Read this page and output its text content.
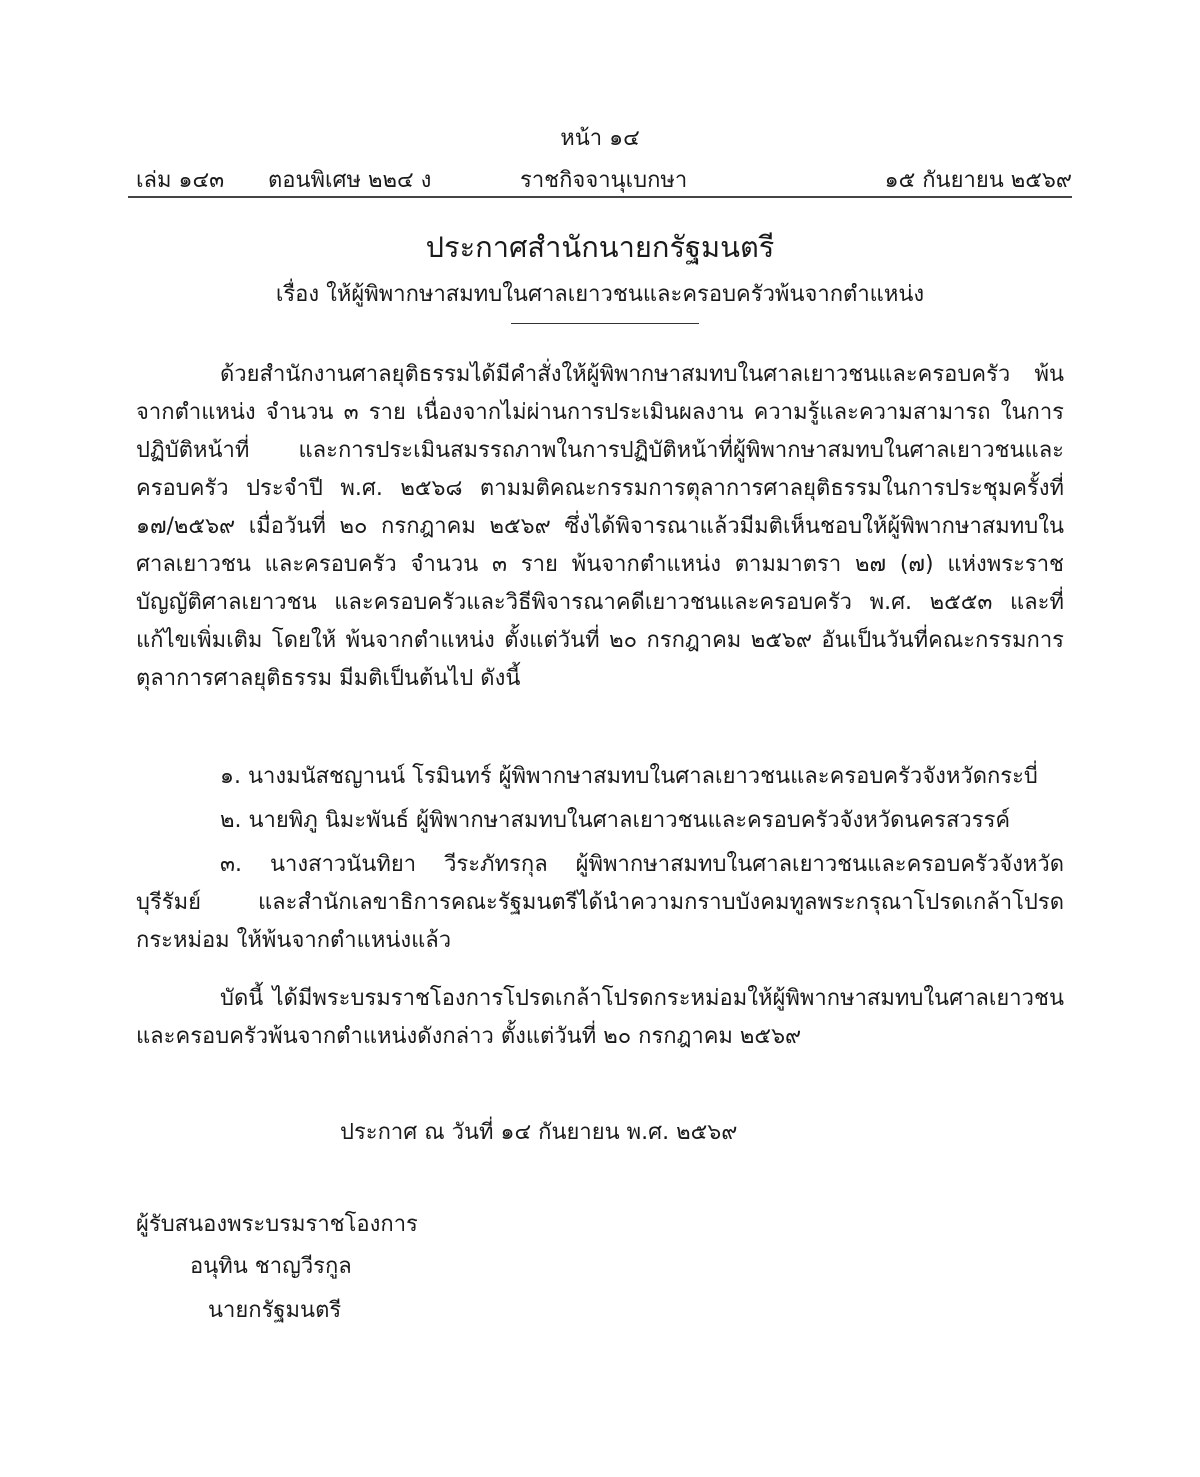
หน้า ๑๔
เล่ม ๑๔๓ ตอนพิเศษ ๒๒๔ ง	ราชกิจจานุเบกษา	๑๕ กันยายน ๒๕๖๙
ประกาศสำนักนายกรัฐมนตรี
เรื่อง ให้ผู้พิพากษาสมทบในศาลเยาวชนและครอบครัวพ้นจากตำแหน่ง
ด้วยสำนักงานศาลยุติธรรมได้มีคำสั่งให้ผู้พิพากษาสมทบในศาลเยาวชนและครอบครัว พ้นจากตำแหน่ง จำนวน ๓ ราย เนื่องจากไม่ผ่านการประเมินผลงาน ความรู้และความสามารถ ในการปฏิบัติหน้าที่ และการประเมินสมรรถภาพในการปฏิบัติหน้าที่ผู้พิพากษาสมทบในศาลเยาวชนและ ครอบครัว ประจำปี พ.ศ. ๒๕๖๘ ตามมติคณะกรรมการตุลาการศาลยุติธรรมในการประชุมครั้งที่ ๑๗/๒๕๖๙ เมื่อวันที่ ๒๐ กรกฎาคม ๒๕๖๙ ซึ่งได้พิจารณาแล้วมีมติเห็นชอบให้ผู้พิพากษาสมทบในศาลเยาวชน และครอบครัว จำนวน ๓ ราย พ้นจากตำแหน่ง ตามมาตรา ๒๗ (๗) แห่งพระราชบัญญัติศาลเยาวชน และครอบครัวและวิธีพิจารณาคดีเยาวชนและครอบครัว พ.ศ. ๒๕๕๓ และที่แก้ไขเพิ่มเติม โดยให้ พ้นจากตำแหน่ง ตั้งแต่วันที่ ๒๐ กรกฎาคม ๒๕๖๙ อันเป็นวันที่คณะกรรมการตุลาการศาลยุติธรรม มีมติเป็นต้นไป ดังนี้
๑. นางมนัสชญานน์ โรมินทร์ ผู้พิพากษาสมทบในศาลเยาวชนและครอบครัวจังหวัดกระบี่
๒. นายพิภู นิมะพันธ์ ผู้พิพากษาสมทบในศาลเยาวชนและครอบครัวจังหวัดนครสวรรค์
๓. นางสาวนันทิยา วีระภัทรกุล ผู้พิพากษาสมทบในศาลเยาวชนและครอบครัวจังหวัดบุรีรัมย์ และสำนักเลขาธิการคณะรัฐมนตรีได้นำความกราบบังคมทูลพระกรุณาโปรดเกล้าโปรดกระหม่อม ให้พ้นจากตำแหน่งแล้ว
บัดนี้ ได้มีพระบรมราชโองการโปรดเกล้าโปรดกระหม่อมให้ผู้พิพากษาสมทบในศาลเยาวชน และครอบครัวพ้นจากตำแหน่งดังกล่าว ตั้งแต่วันที่ ๒๐ กรกฎาคม ๒๕๖๙
ประกาศ ณ วันที่ ๑๔ กันยายน พ.ศ. ๒๕๖๙
ผู้รับสนองพระบรมราชโองการ
อนุทิน ชาญวีรกูล
นายกรัฐมนตรี
